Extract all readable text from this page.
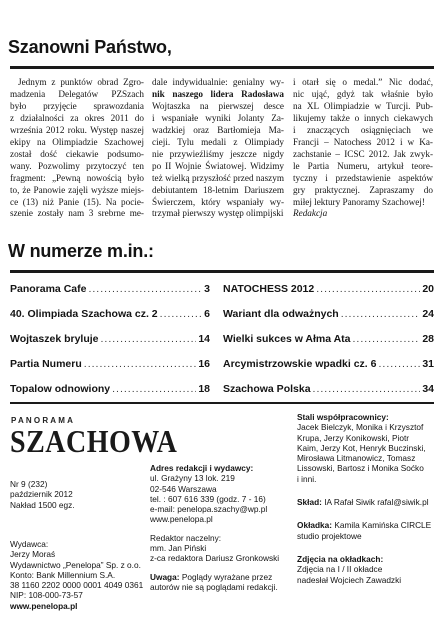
Szanowni Państwo,
Jednym z punktów obrad Zgro-
madzenia Delegatów PZSzach
było przyjęcie sprawozdania
z działalności za okres 2011 do
września 2012 roku. Występ naszej
ekipy na Olimpiadzie Szachowej
został dość ciekawie podsumo-
wany. Pozwolimy przytoczyć ten
fragment: „Pewną nowością było
to, że Panowie zajęli wyższe miejs-
ce (13) niż Panie (15). Na pocie-
szenie zostały nam 3 srebrne me-
dale indywidualnie: genialny wy-
nik naszego lidera Radosława
Wojtaszka na pierwszej desce
i wspaniałe wyniki Jolanty Za-
wadzkiej oraz Bartłomieja Ma-
cieji. Tylu medali z Olimpiady
nie przywieźliśmy jeszcze nigdy
po II Wojnie Światowej. Widzimy
też wielką przyszłość przed naszym
debiutantem 18-letnim Dariuszem
Świerczem, który wspaniały wy-
trzymał pierwszy występ olimpijski
i otarł się o medal.” Nic dodać,
nic ująć, gdyż tak właśnie było
na XL Olimpiadzie w Turcji. Pub-
likujemy także o innych ciekawych
i znaczących osiągnięciach we
Francji – Natochess 2012 i w Ka-
zachstanie – ICSC 2012. Jak zwyk-
le Partia Numeru, artykuł teore-
tyczny i przedstawienie aspektów
gry praktycznej. Zapraszamy do
miłej lektury Panoramy Szachowej!
Redakcja
W numerze m.in.:
Panorama Cafe .....	3
40. Olimpiada Szachowa cz. 2 .....	6
Wojtaszek bryluje .....	14
Partia Numeru .....	16
Topalow odnowiony .....	18
NATOCHESS 2012 .....	20
Wariant dla odważnych .....	24
Wielki sukces w Ałma Ata .....	28
Arcymistrzowskie wpadki cz. 6 .....	31
Szachowa Polska .....	34
PANORAMA
SZACHOWA
Nr 9 (232)
październik 2012
Nakład 1500 egz.
Wydawca:
Jerzy Moraś
Wydawnictwo „Penelopa” Sp. z o.o.
Konto: Bank Millennium S.A.
38 1160 2202 0000 0001 4049 0361
NIP: 108-000-73-57
www.penelopa.pl
Adres redakcji i wydawcy:
ul. Grażyny 13 lok. 219
02-546 Warszawa
tel. : 607 616 339 (godz. 7 - 16)
e-mail: penelopa.szachy@wp.pl
www.penelopa.pl
Redaktor naczelny:
mm. Jan Piński
z-ca redaktora Dariusz Gronkowski
Uwaga: Poglądy wyrażane przez
autorów nie są poglądami redakcji.
Stali współpracownicy:
Jacek Bielczyk, Monika i Krzysztof
Krupa, Jerzy Konikowski, Piotr
Kaim, Jerzy Kot, Henryk Buczinski,
Mirosława Litmanowicz, Tomasz
Lissowski, Bartosz i Monika Soćko
i inni.
Skład: IA Rafał Siwik rafal@siwik.pl
Okładka: Kamila Kamińska CIRCLE
studio projektowe
Zdjęcia na okładkach:
Zdjęcia na I / II okładce
nadesłał Wojciech Zawadzki
